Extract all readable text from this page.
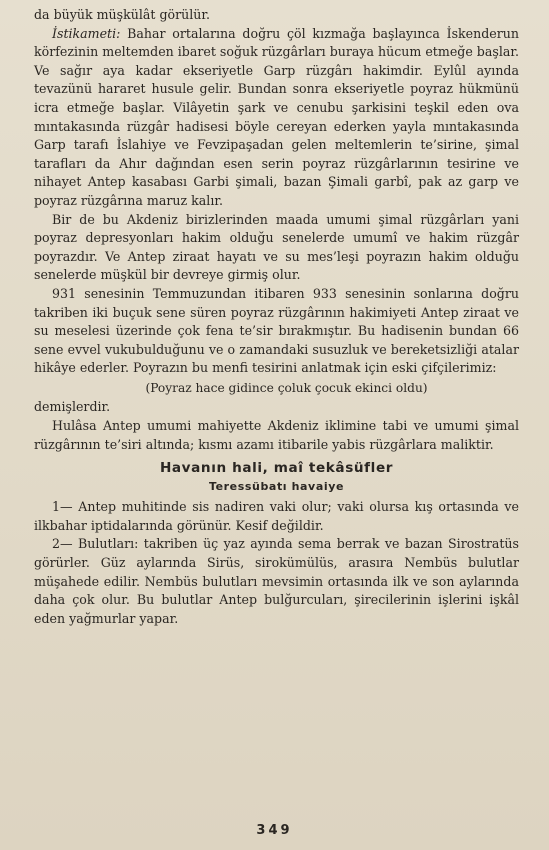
da büyük müşkülât görülür.

İstikameti: Bahar ortalarına doğru çöl kızmağa başlayınca İskenderun körfezinin meltemden ibaret soğuk rüzgârları buraya hücum etmeğe başlar. Ve sağır aya kadar ekseriyetle Garp rüzgârı hakimdir. Eylûl ayında tevazünü hararet husule gelir. Bundan sonra ekseriyetle poyraz hükmünü icra etmeğe başlar. Vilâyetin şark ve cenubu şarkisini teşkil eden ova mıntakasında rüzgâr hadisesi böyle cereyan ederken yayla mıntakasında Garp tarafı İslahiye ve Fevzipaşadan gelen meltemlerin te’sirine, şimal tarafları da Ahır dağından esen serin poyraz rüzgârlarının tesirine ve nihayet Antep kasabası Garbi şimali, bazan Şimali garbî, pak az garp ve poyraz rüzgârına maruz kalır.

Bir de bu Akdeniz birizlerinden maada umumi şimal rüzgârları yani poyraz depresyonları hakim olduğu senelerde umumî ve hakim rüzgâr poyrazdır. Ve Antep ziraat hayatı ve su mes’leşi poyrazın hakim olduğu senelerde müşkül bir devreye girmiş olur.

931 senesinin Temmuzundan itibaren 933 senesinin sonlarına doğru takriben iki buçuk sene süren poyraz rüzgârının hakimiyeti Antep ziraat ve su meselesi üzerinde çok fena te’sir bırakmıştır. Bu hadisenin bundan 66 sene evvel vukubulduğunu ve o zamandaki susuzluk ve bereketsizliği atalar hikâye ederler. Poyrazın bu menfi tesirini anlatmak için eski çifçilerimiz:

(Poyraz hace gidince çoluk çocuk ekinci oldu)

demişlerdir.

Hulâsa Antep umumi mahiyette Akdeniz iklimine tabi ve umumi şimal rüzgârının te’siri altında; kısmı azamı itibarile yabis rüzgârlara maliktir.

Havanın hali, maî tekâsüfler
Teressübatı havaiye

1— Antep muhitinde sis nadiren vaki olur; vaki olursa kış ortasında ve ilkbahar iptidalarında görünür. Kesif değildir.

2— Bulutları: takriben üç yaz ayında sema berrak ve bazan Sirostratüs görürler. Güz aylarında Sirüs, sirokümülüs, arasıra Nembüs bulutlar müşahede edilir. Nembüs bulutları mevsimin ortasında ilk ve son aylarında daha çok olur. Bu bulutlar Antep bulğurcuları, şirecilerinin işlerini işkâl eden yağmurlar yapar.

349
